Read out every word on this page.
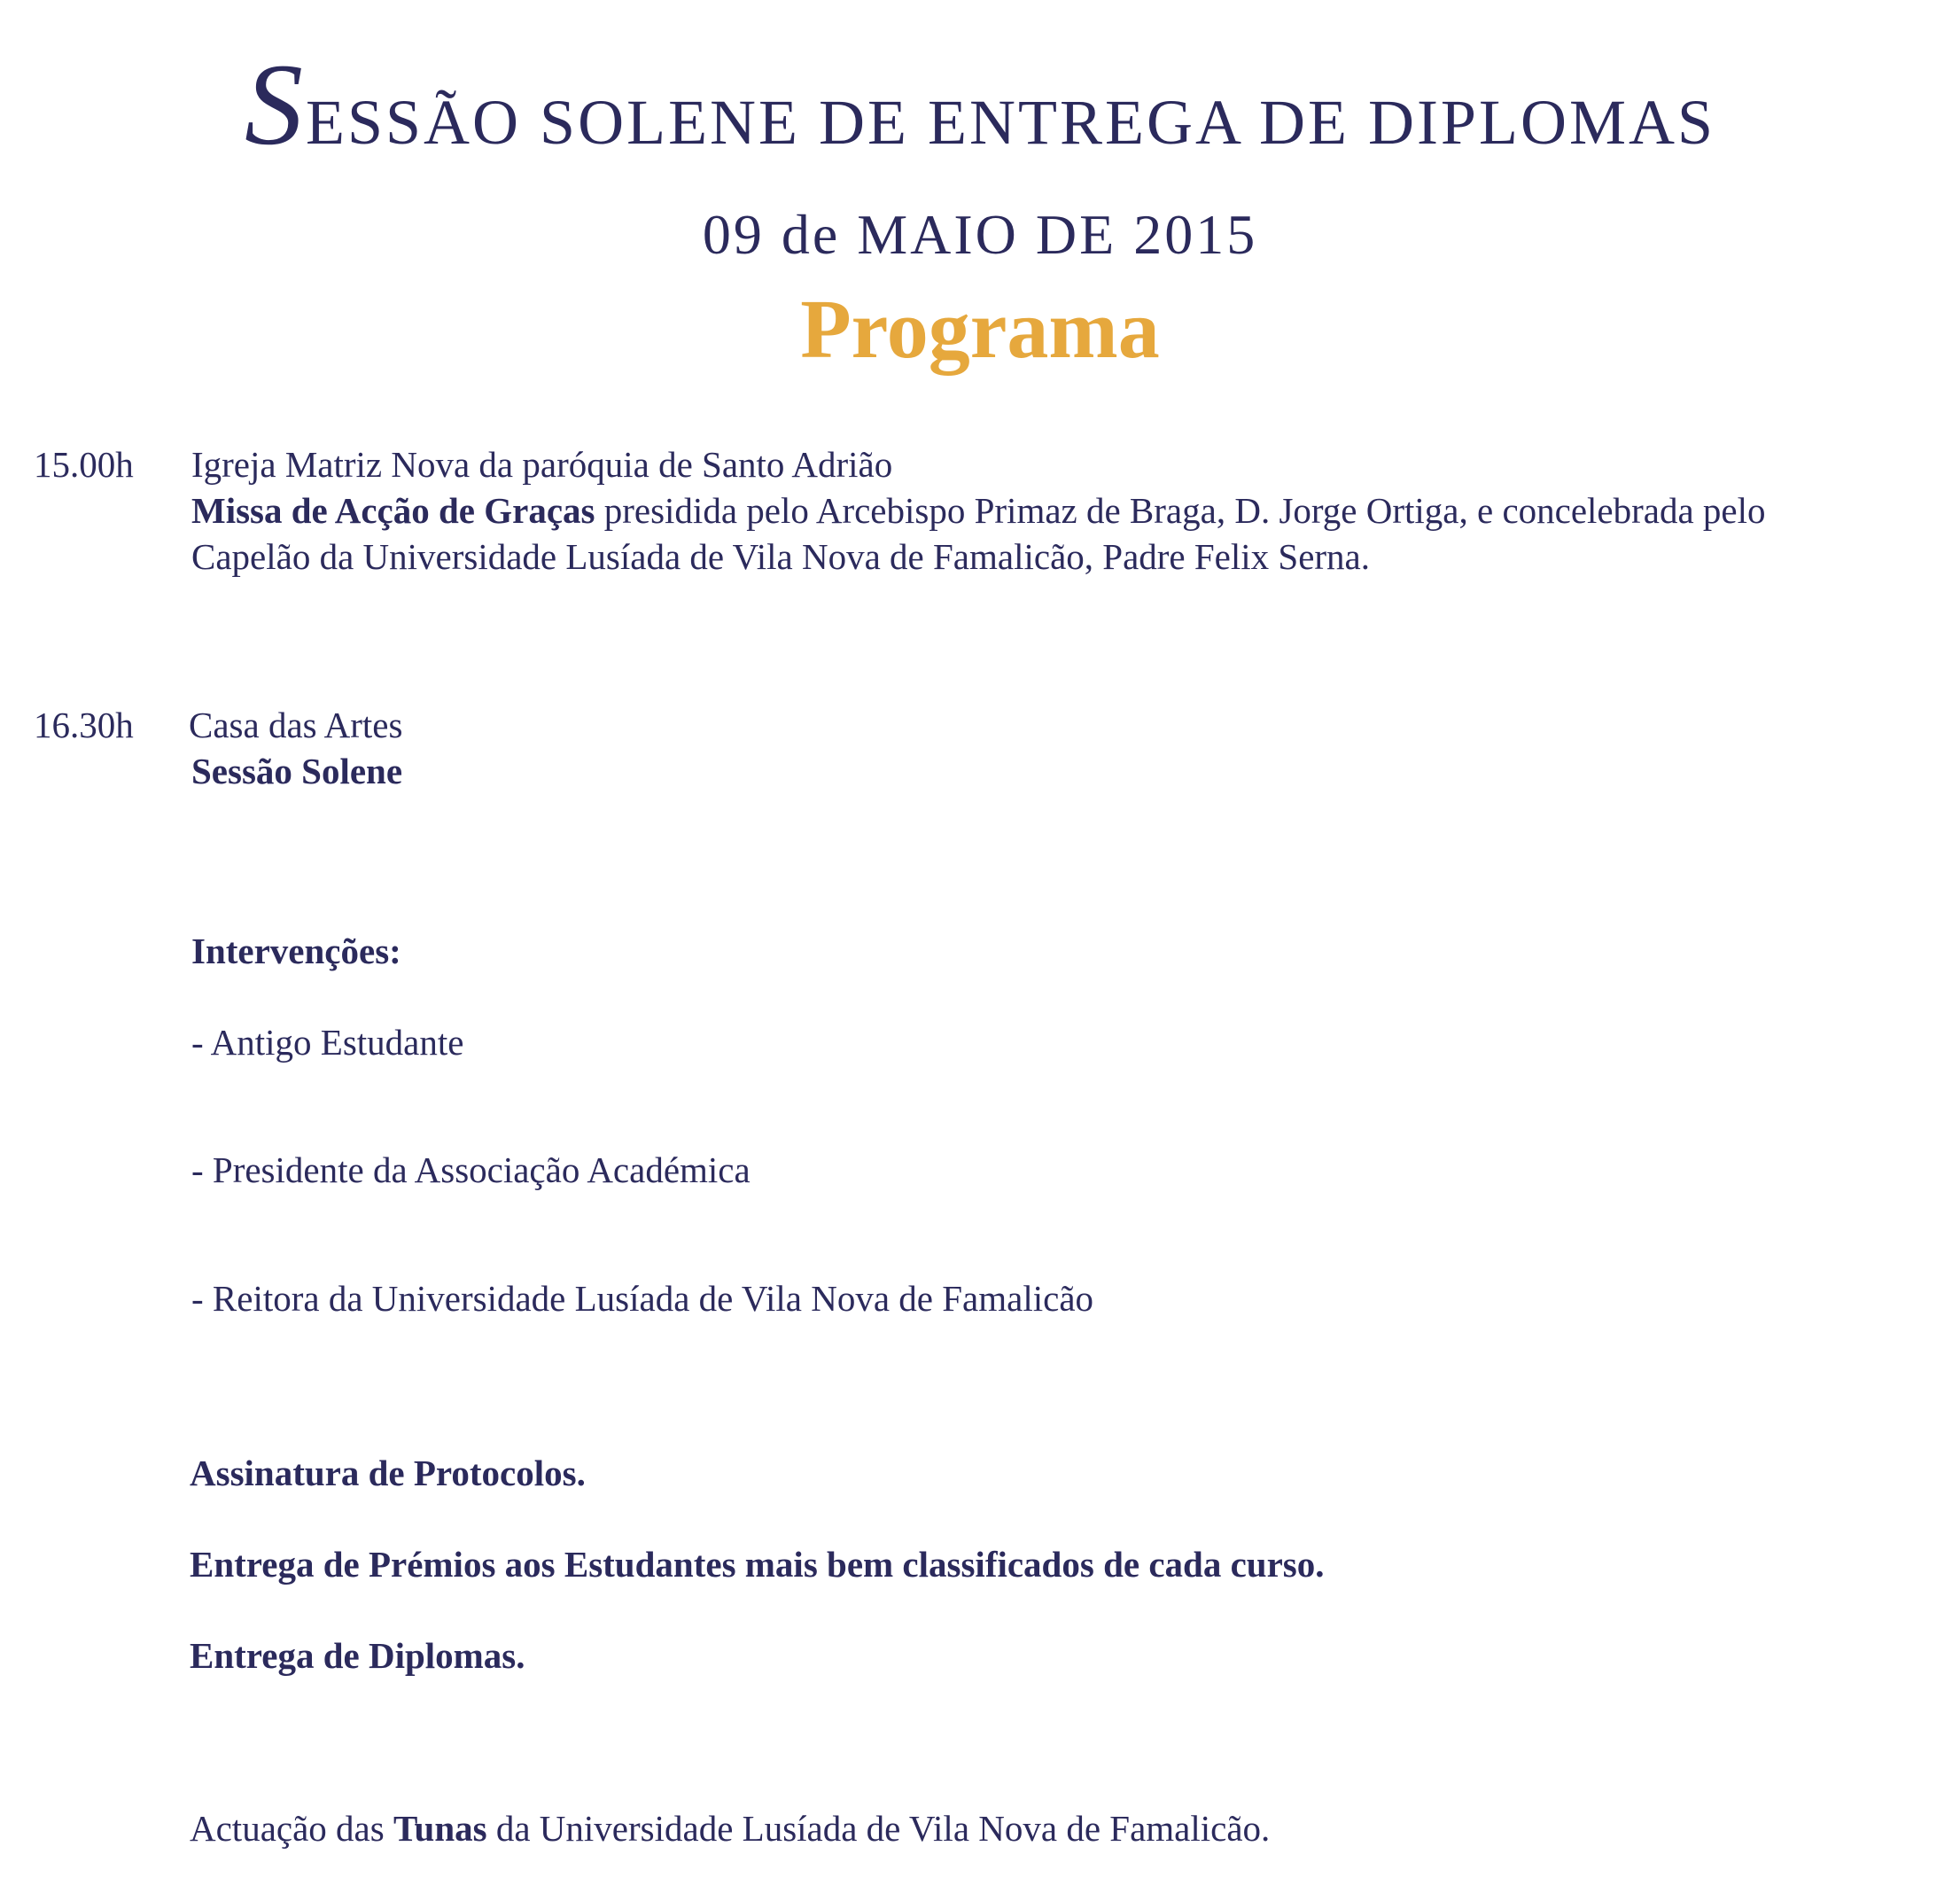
SESSÃO SOLENE DE ENTREGA DE DIPLOMAS
09 de MAIO DE 2015
Programa
15.00h Igreja Matriz Nova da paróquia de Santo Adrião
Missa de Acção de Graças presidida pelo Arcebispo Primaz de Braga, D. Jorge Ortiga, e concelebrada pelo
Capelão da Universidade Lusíada de Vila Nova de Famalicão, Padre Felix Serna.
16.30h Casa das Artes
Sessão Solene
Intervenções:
- Antigo Estudante
- Presidente da Associação Académica
- Reitora da Universidade Lusíada de Vila Nova de Famalicão
Assinatura de Protocolos.
Entrega de Prémios aos Estudantes mais bem classificados de cada curso.
Entrega de Diplomas.
Actuação das Tunas da Universidade Lusíada de Vila Nova de Famalicão.
